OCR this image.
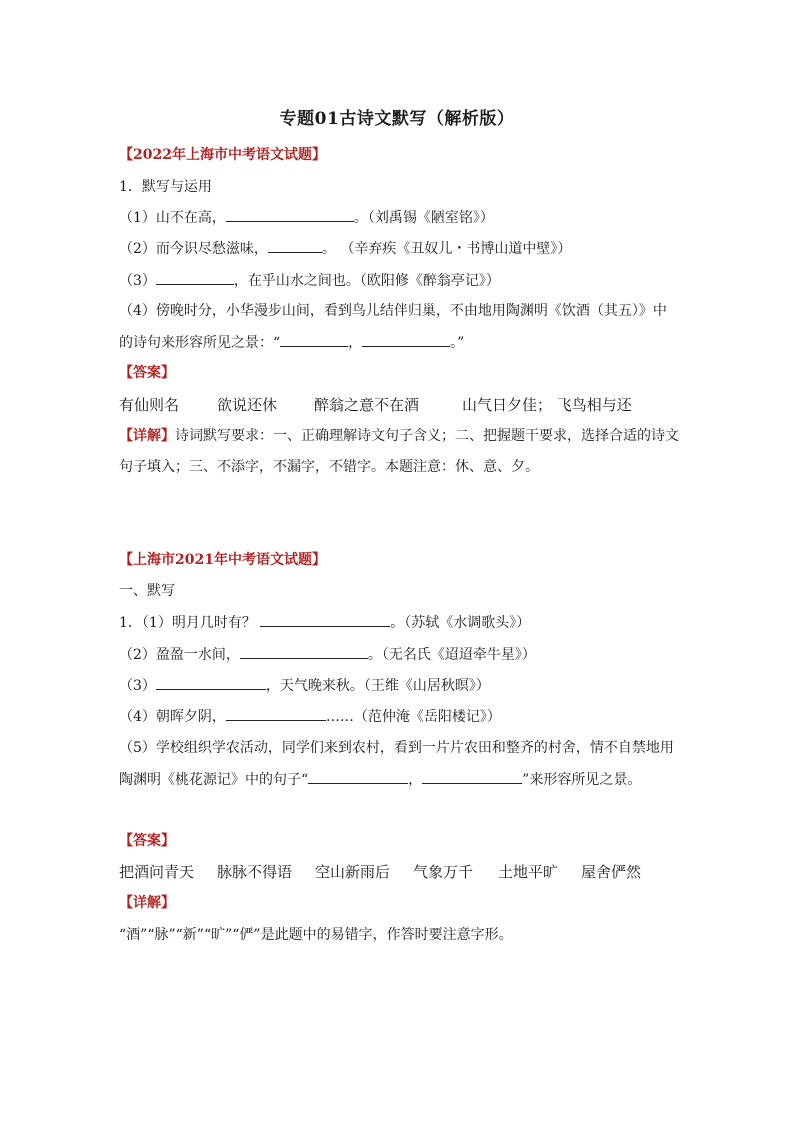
专题01古诗文默写（解析版）
【2022年上海市中考语文试题】
1．默写与运用
（1）山不在高，	。（刘禹锡《陋室铭》）
（2）而今识尽愁滋味，	。 （辛弃疾《丑奴儿・书博山道中壁》）
（3）	，在乎山水之间也。（欧阳修《醉翁亭记》）
（4）傍晚时分，小华漫步山间，看到鸟儿结伴归巢，不由地用陶渊明《饮酒（其五）》中
的诗句来形容所见之景：“	，	。”
【答案】
有仙则名	欲说还休 醉翁之意不在酒	山气日夕佳； 飞鸟相与还
【详解】诗词默写要求：一、正确理解诗文句子含义；二、把握题干要求，选择合适的诗文
句子填入；三、不添字，不漏字，不错字。本题注意：休、意、夕。
【上海市2021年中考语文试题】
一、默写
1．（1）明月几时有？	。（苏轼《水调歌头》）
（2）盈盈一水间，	。（无名氏《迢迢牵牛星》）
（3）	，天气晚来秋。（王维《山居秋暝》）
（4）朝晖夕阴，	……（范仲淹《岳阳楼记》）
（5）学校组织学农活动，同学们来到农村，看到一片片农田和整齐的村舍，情不自禁地用
陶渊明《桃花源记》中的句子“	，	”来形容所见之景。
【答案】
把酒问青天 脉脉不得语 空山新雨后 气象万千 土地平旷 屋舍俨然
【详解】
“酒”“脉”“新”“旷”“俨”是此题中的易错字，作答时要注意字形。
